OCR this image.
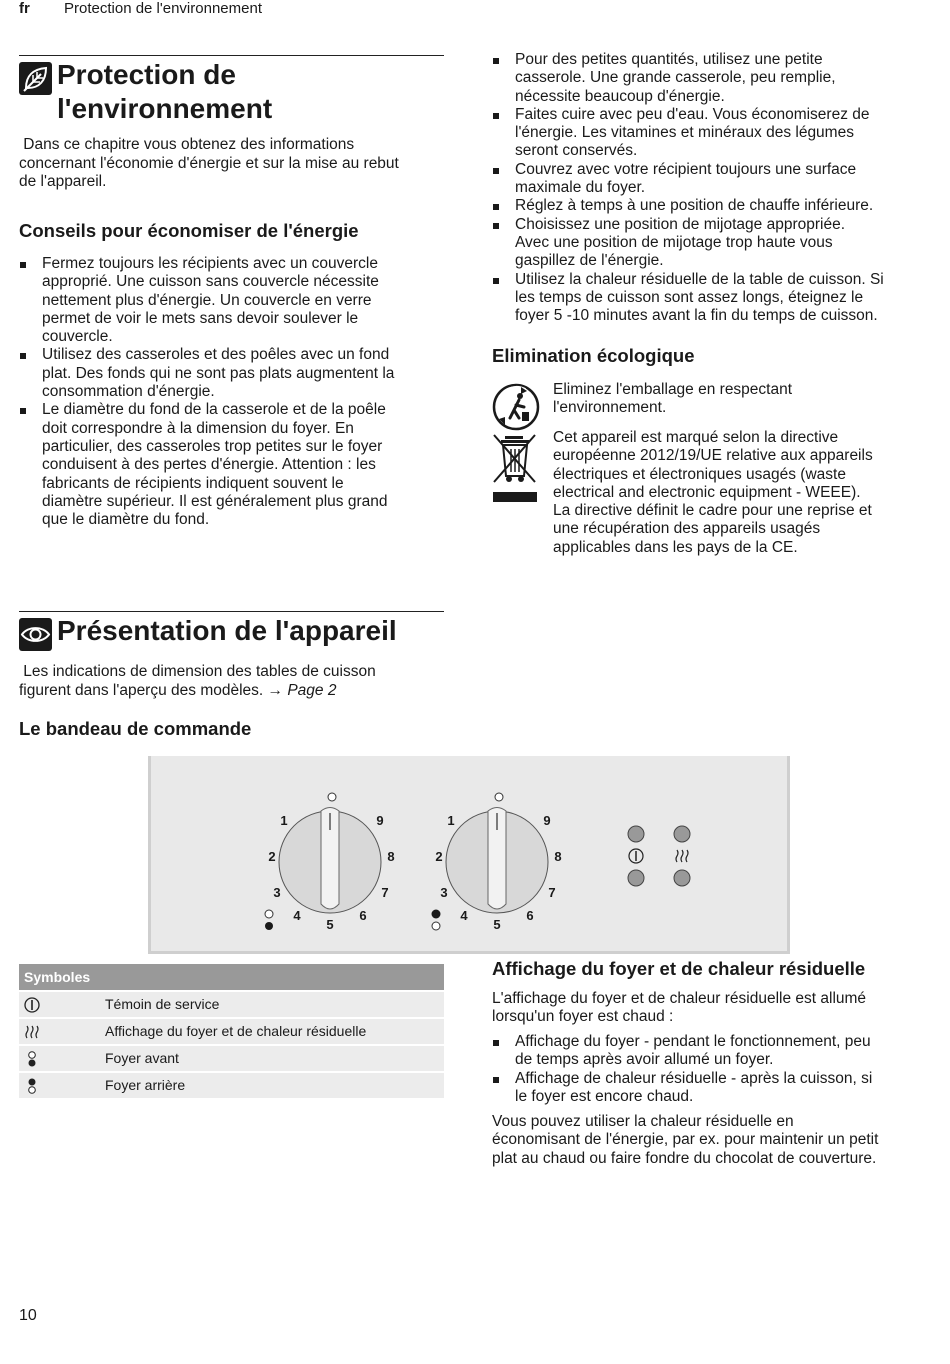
fr Protection de l'environnement
Protection de
l'environnement
Dans ce chapitre vous obtenez des informations
concernant l'économie d'énergie et sur la mise au rebut
de l'appareil.
Conseils pour économiser de l'énergie
Fermez toujours les récipients avec un couvercle
approprié. Une cuisson sans couvercle nécessite
nettement plus d'énergie. Un couvercle en verre
permet de voir le mets sans devoir soulever le
couvercle.
Utilisez des casseroles et des poêles avec un fond
plat. Des fonds qui ne sont pas plats augmentent la
consommation d'énergie.
Le diamètre du fond de la casserole et de la poêle
doit correspondre à la dimension du foyer. En
particulier, des casseroles trop petites sur le foyer
conduisent à des pertes d'énergie. Attention : les
fabricants de récipients indiquent souvent le
diamètre supérieur. Il est généralement plus grand
que le diamètre du fond.
Pour des petites quantités, utilisez une petite
casserole. Une grande casserole, peu remplie,
nécessite beaucoup d'énergie.
Faites cuire avec peu d'eau. Vous économiserez de
l'énergie. Les vitamines et minéraux des légumes
seront conservés.
Couvrez avec votre récipient toujours une surface
maximale du foyer.
Réglez à temps à une position de chauffe inférieure.
Choisissez une position de mijotage appropriée.
Avec une position de mijotage trop haute vous
gaspillez de l'énergie.
Utilisez la chaleur résiduelle de la table de cuisson. Si
les temps de cuisson sont assez longs, éteignez le
foyer 5 -10 minutes avant la fin du temps de cuisson.
Elimination écologique
Eliminez l'emballage en respectant
l'environnement.
Cet appareil est marqué selon la directive
européenne 2012/19/UE relative aux appareils
électriques et électroniques usagés (waste
electrical and electronic equipment - WEEE).
La directive définit le cadre pour une reprise et
une récupération des appareils usagés
applicables dans les pays de la CE.
Présentation de l'appareil
Les indications de dimension des tables de cuisson
figurent dans l'aperçu des modèles. → Page 2
Le bandeau de commande
1
2
3
4
5
6
7
8
9	1
2
3
4
5
6
7
8
9
Symboles
Témoin de service
Affichage du foyer et de chaleur résiduelle
Foyer avant
Foyer arrière
Affichage du foyer et de chaleur résiduelle
L'affichage du foyer et de chaleur résiduelle est allumé
lorsqu'un foyer est chaud :
Affichage du foyer - pendant le fonctionnement, peu
de temps après avoir allumé un foyer.
Affichage de chaleur résiduelle - après la cuisson, si
le foyer est encore chaud.
Vous pouvez utiliser la chaleur résiduelle en
économisant de l'énergie, par ex. pour maintenir un petit
plat au chaud ou faire fondre du chocolat de couverture.
10
